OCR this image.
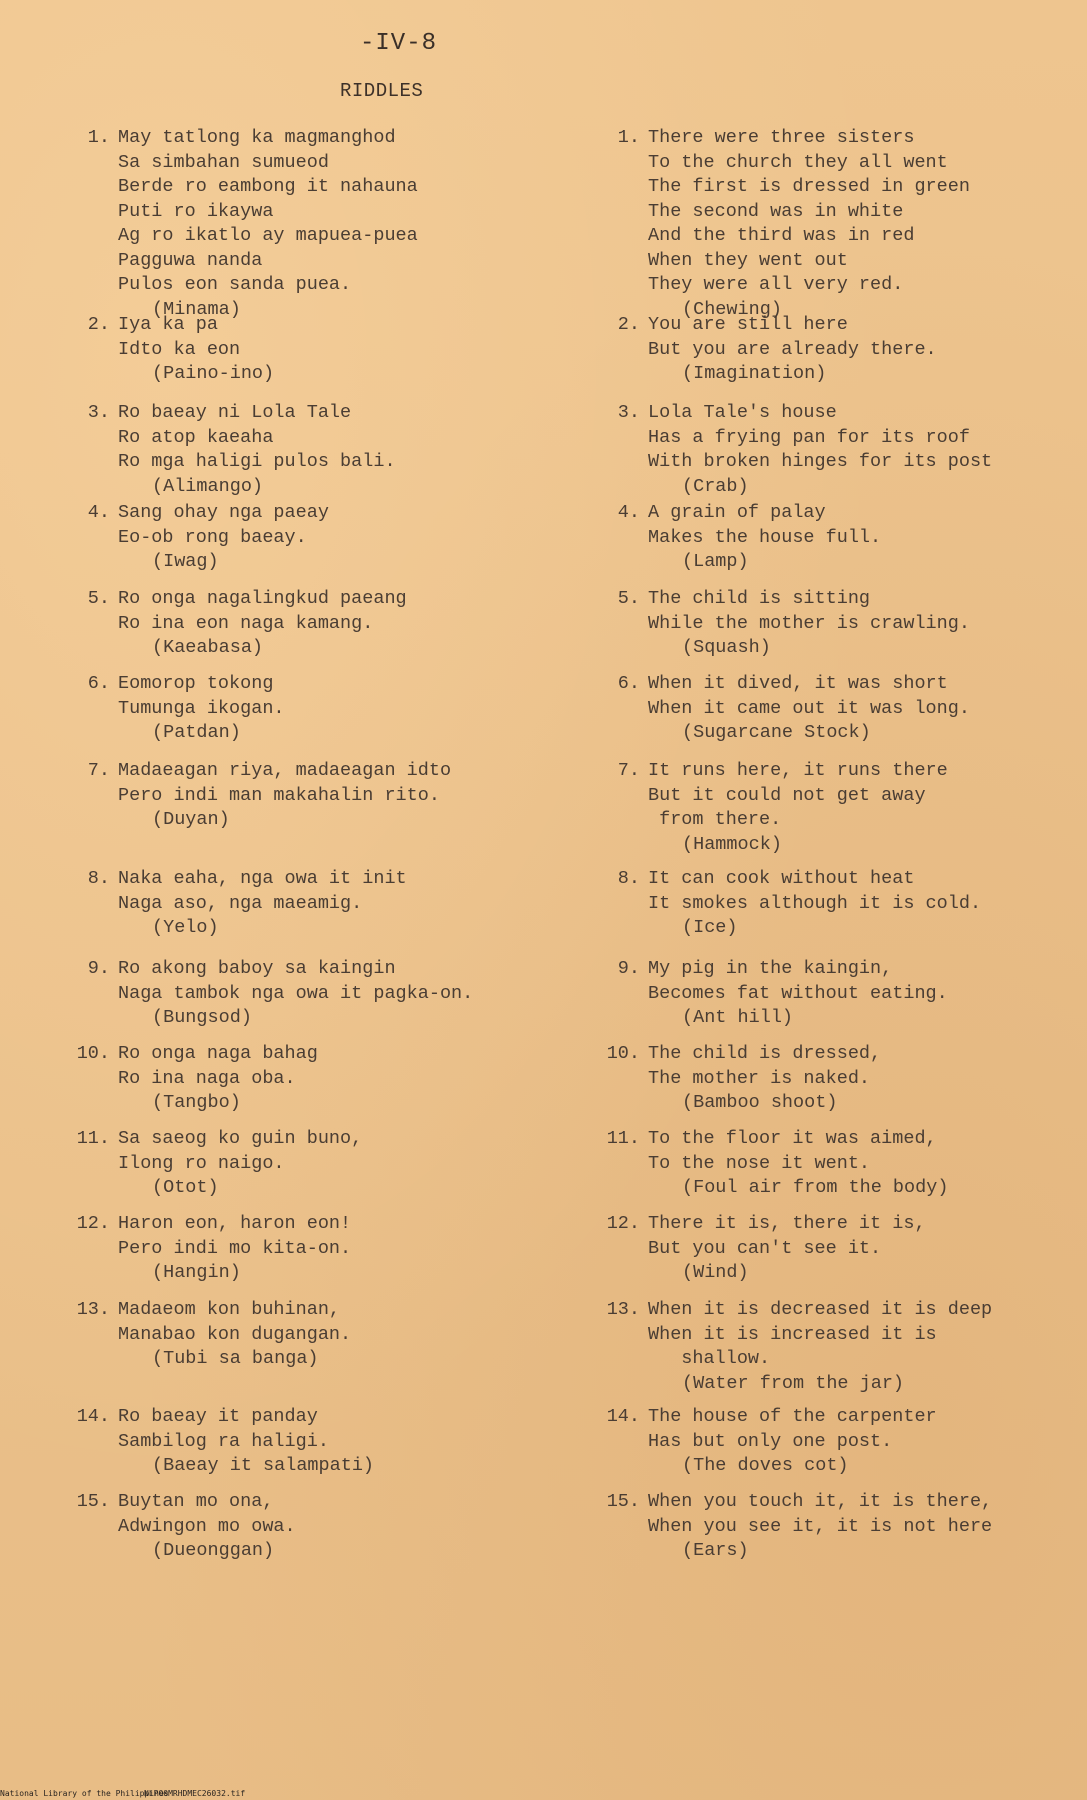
-IV-8
RIDDLES
1. May tatlong ka magmanghod
Sa simbahan sumueod
Berde ro eambong it nahauna
Puti ro ikaywa
Ag ro ikatlo ay mapuea-puea
Pagguwa nanda
Pulos eon sanda puea.
(Minama)
2. Iya ka pa
Idto ka eon
(Paino-ino)
3. Ro baeay ni Lola Tale
Ro atop kaeaha
Ro mga haligi pulos bali.
(Alimango)
4. Sang ohay nga paeay
Eo-ob rong baeay.
(Iwag)
5. Ro onga nagalingkud paeang
Ro ina eon naga kamang.
(Kaeabasa)
6. Eomorop tokong
Tumunga ikogan.
(Patdan)
7. Madaeagan riya, madaeagan idto
Pero indi man makahalin rito.
(Duyan)
8. Naka eaha, nga owa it init
Naga aso, nga maeamig.
(Yelo)
9. Ro akong baboy sa kaingin
Naga tambok nga owa it pagka-on.
(Bungsod)
10. Ro onga naga bahag
Ro ina naga oba.
(Tangbo)
11. Sa saeog ko guin buno,
Ilong ro naigo.
(Otot)
12. Haron eon, haron eon!
Pero indi mo kita-on.
(Hangin)
13. Madaeom kon buhinan,
Manabao kon dugangan.
(Tubi sa banga)
14. Ro baeay it panday
Sambilog ra haligi.
(Baeay it salampati)
15. Buytan mo ona,
Adwingon mo owa.
(Dueonggan)
1. There were three sisters
To the church they all went
The first is dressed in green
The second was in white
And the third was in red
When they went out
They were all very red.
(Chewing)
2. You are still here
But you are already there.
(Imagination)
3. Lola Tale's house
Has a frying pan for its roof
With broken hinges for its post
(Crab)
4. A grain of palay
Makes the house full.
(Lamp)
5. The child is sitting
While the mother is crawling.
(Squash)
6. When it dived, it was short
When it came out it was long.
(Sugarcane Stock)
7. It runs here, it runs there
But it could not get away
from there.
(Hammock)
8. It can cook without heat
It smokes although it is cold.
(Ice)
9. My pig in the kaingin,
Becomes fat without eating.
(Ant hill)
10. The child is dressed,
The mother is naked.
(Bamboo shoot)
11. To the floor it was aimed,
To the nose it went.
(Foul air from the body)
12. There it is, there it is,
But you can't see it.
(Wind)
13. When it is decreased it is deep
When it is increased it is
shallow.
(Water from the jar)
14. The house of the carpenter
Has but only one post.
(The doves cot)
15. When you touch it, it is there,
When you see it, it is not here
(Ears)
National Library of the Philippines
NLPO0MRHDMEC26032.tif
